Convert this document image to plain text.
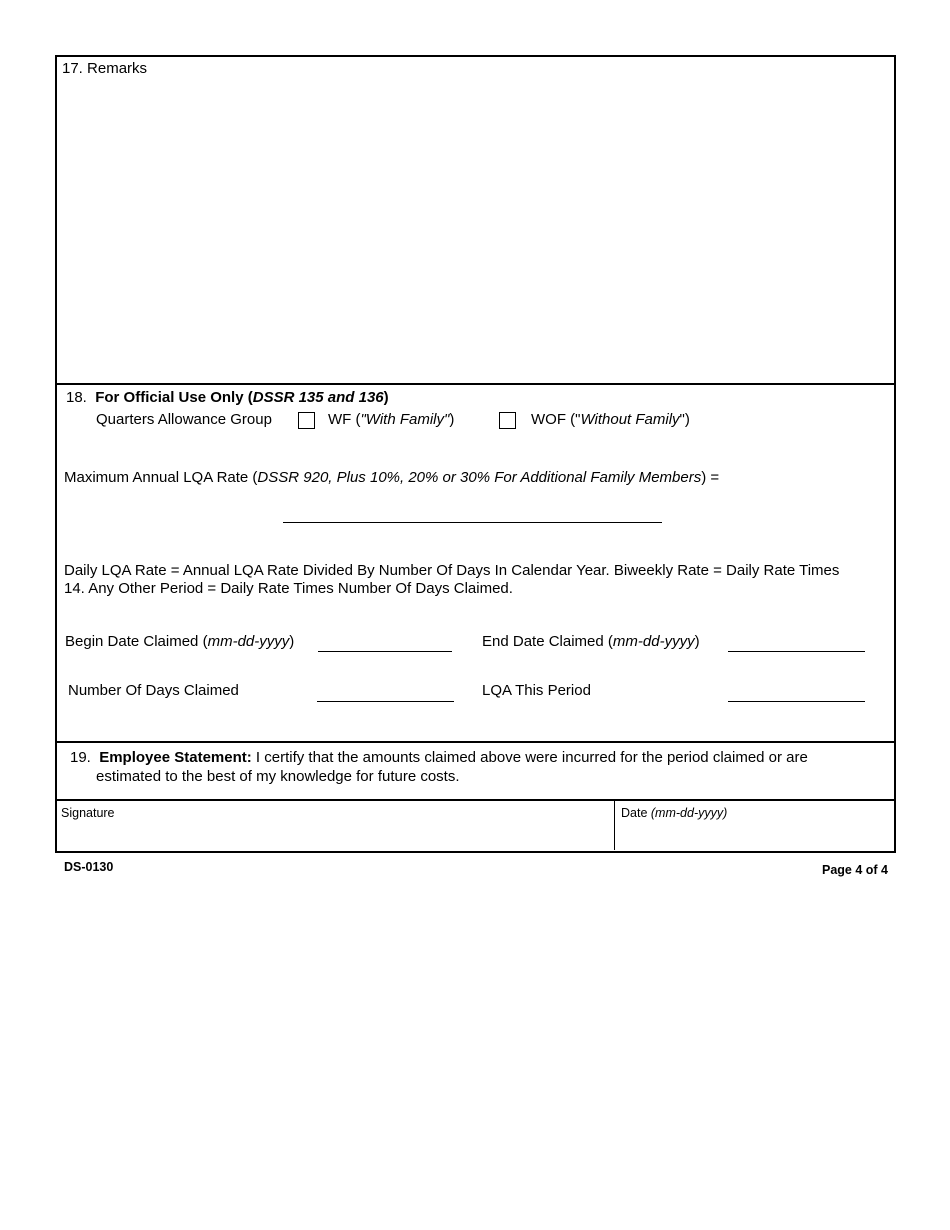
17. Remarks
18. For Official Use Only (DSSR 135 and 136)
Quarters Allowance Group	WF ("With Family")	WOF ("Without Family")
Maximum Annual LQA Rate (DSSR 920, Plus 10%, 20% or 30% For Additional Family Members) =
Daily LQA Rate = Annual LQA Rate Divided By Number Of Days In Calendar Year. Biweekly Rate = Daily Rate Times
14. Any Other Period = Daily Rate Times Number Of Days Claimed.
Begin Date Claimed (mm-dd-yyyy)	End Date Claimed (mm-dd-yyyy)
Number Of Days Claimed	LQA This Period
19. Employee Statement: I certify that the amounts claimed above were incurred for the period claimed or are
estimated to the best of my knowledge for future costs.
Signature	Date (mm-dd-yyyy)
DS-0130	Page 4 of 4
